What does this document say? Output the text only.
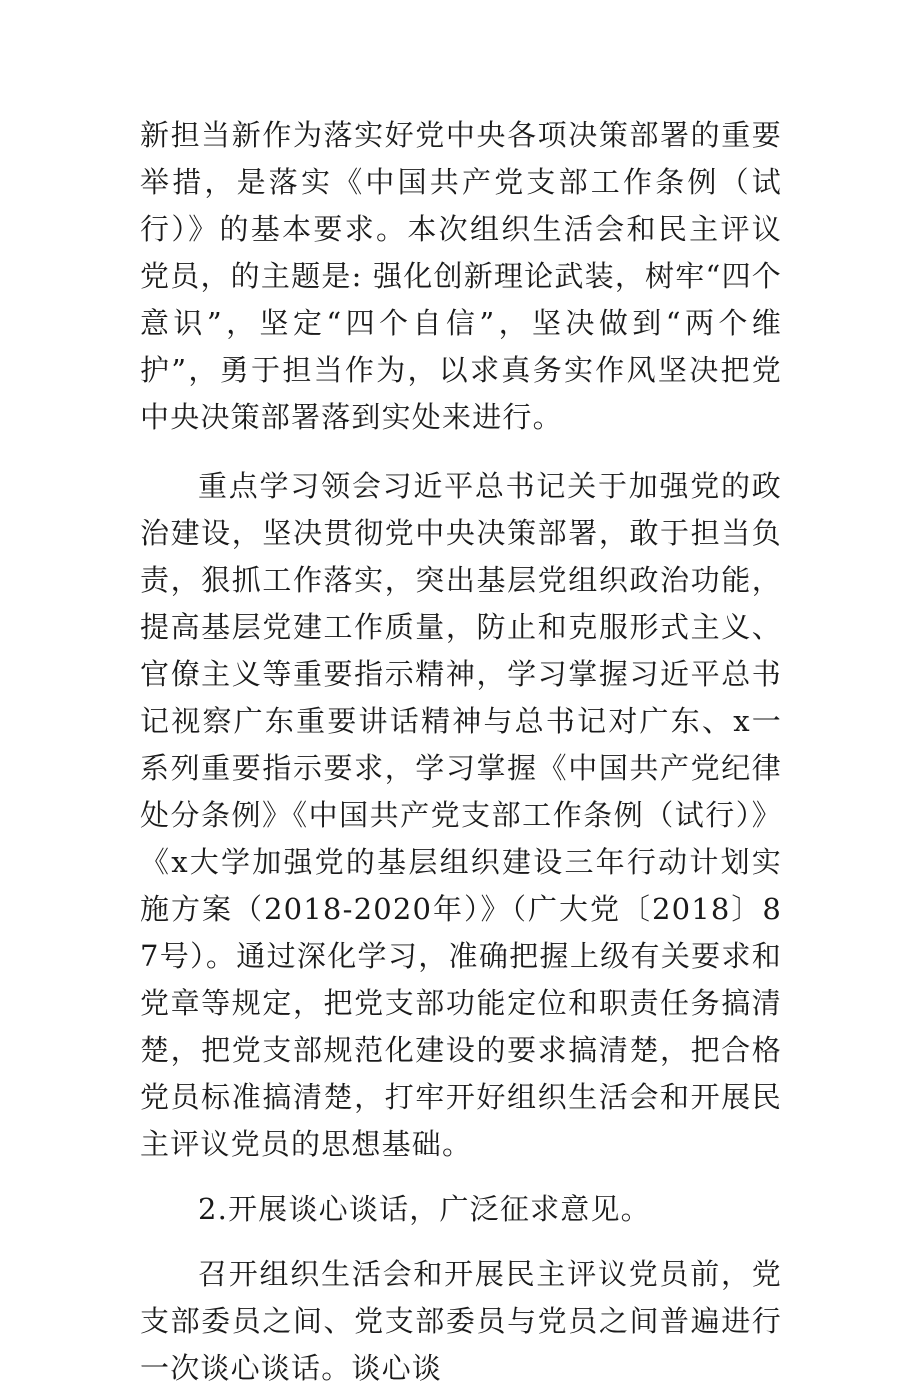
新担当新作为落实好党中央各项决策部署的重要举措，是落实《中国共产党支部工作条例（试行）》的基本要求。本次组织生活会和民主评议党员，的主题是: 强化创新理论武装，树牢“四个意识”，坚定“四个自信”，坚决做到“两个维护”，勇于担当作为，以求真务实作风坚决把党中央决策部署落到实处来进行。

重点学习领会习近平总书记关于加强党的政治建设，坚决贯彻党中央决策部署，敢于担当负责，狠抓工作落实，突出基层党组织政治功能，提高基层党建工作质量，防止和克服形式主义、官僚主义等重要指示精神，学习掌握习近平总书记视察广东重要讲话精神与总书记对广东、x一系列重要指示要求，学习掌握《中国共产党纪律处分条例》《中国共产党支部工作条例（试行）》《x大学加强党的基层组织建设三年行动计划实施方案（2018-2020年）》（广大党〔2018〕87号）。通过深化学习，准确把握上级有关要求和党章等规定，把党支部功能定位和职责任务搞清楚，把党支部规范化建设的要求搞清楚，把合格党员标准搞清楚，打牢开好组织生活会和开展民主评议党员的思想基础。

2.开展谈心谈话，广泛征求意见。

召开组织生活会和开展民主评议党员前，党支部委员之间、党支部委员与党员之间普遍进行一次谈心谈话。谈心谈
